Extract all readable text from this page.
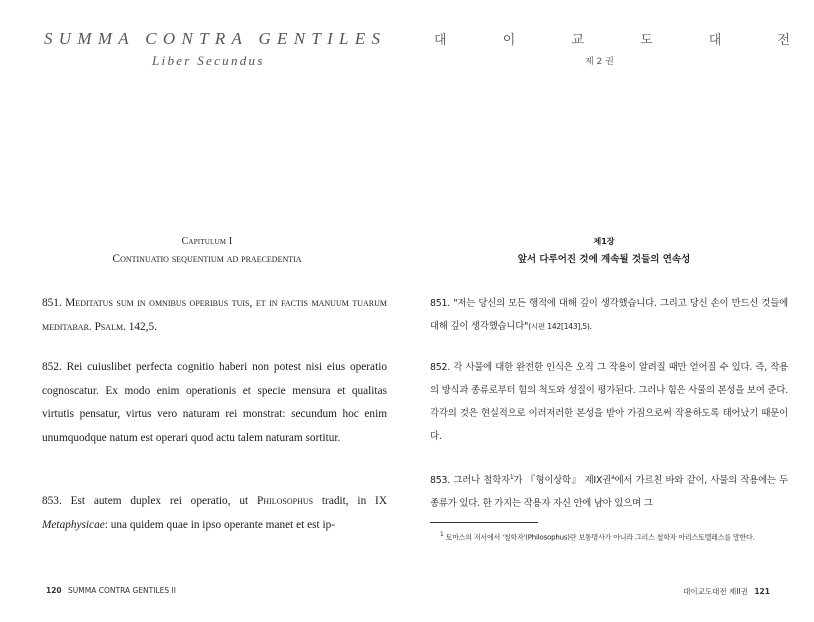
SUMMA CONTRA GENTILES
Liber Secundus
Capitulum I
Continuatio sequentium ad praecedentia
851. Meditatus sum in omnibus operibus tuis, et in factis manuum tuarum meditabar. Psalm. 142,5.
852. Rei cuiuslibet perfecta cognitio haberi non potest nisi eius operatio cognoscatur. Ex modo enim operationis et specie mensura et qualitas virtutis pensatur, virtus vero naturam rei monstrat: secundum hoc enim unumquodque natum est operari quod actu talem naturam sortitur.
853. Est autem duplex rei operatio, ut Philosophus tradit, in IX Metaphysicae: una quidem quae in ipso operante manet et est ip-
120 SUMMA CONTRA GENTILES II
대	이	교	도	대	전
제 2 권
제1장
앞서 다루어진 것에 계속될 것들의 연속성
851. "저는 당신의 모든 행적에 대해 깊이 생각했습니다. 그리고 당신 손이 만드신 것들에 대해 깊이 생각했습니다"(시편 142[143],5).
852. 각 사물에 대한 완전한 인식은 오직 그 작용이 알려질 때만 얻어질 수 있다. 즉, 작용의 방식과 종류로부터 힘의 척도와 성질이 평가된다. 그러나 힘은 사물의 본성을 보여 준다. 각각의 것은 현실적으로 이러저러한 본성을 받아 가짐으로써 작용하도록 태어났기 때문이다.
853. 그러나 철학자$^1$가 『형이상학』 제IX권$^a$에서 가르친 바와 같이, 사물의 작용에는 두 종류가 있다. 한 가지는 작용자 자신 안에 남아 있으며 그
$^1$ 토마스의 저서에서 '철학자'(Philosophus)란 보통명사가 아니라 그리스 철학자 아리스토텔레스를 말한다.
대이교도대전 제II권 121
